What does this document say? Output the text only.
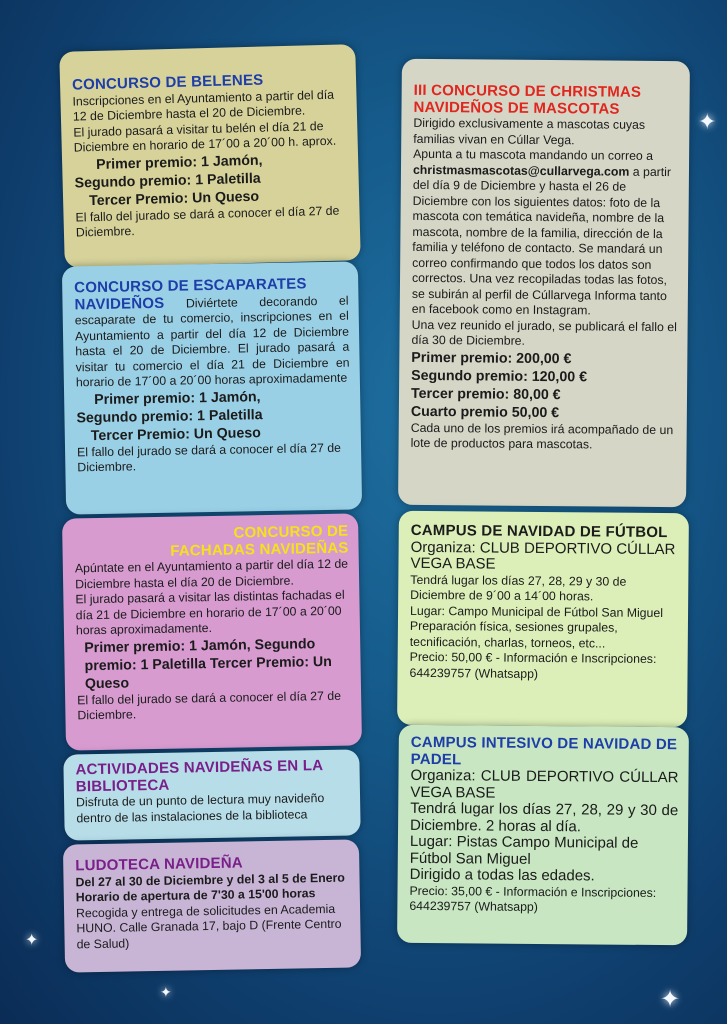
✦
✦
✦
✦

CONCURSO DE BELENES

Inscripciones en el Ayuntamiento a partir del día 12 de Diciembre hasta el 20 de Diciembre.

El jurado pasará a visitar tu belén el día 21 de Diciembre en horario de 17´00 a 20´00 h. aprox.

Primer premio: 1 Jamón,

Segundo premio: 1 Paletilla

Tercer Premio: Un Queso

El fallo del jurado se dará a conocer el día 27 de Diciembre.

CONCURSO DE ESCAPARATES

NAVIDEÑOS Diviértete decorando el escaparate de tu comercio, inscripciones en el Ayuntamiento a partir del día 12 de Diciembre hasta el 20 de Diciembre. El jurado pasará a visitar tu comercio el día 21 de Diciembre en horario de 17´00 a 20´00 horas aproximadamente

Primer premio: 1 Jamón,

Segundo premio: 1 Paletilla

Tercer Premio: Un Queso

El fallo del jurado se dará a conocer el día 27 de Diciembre.

CONCURSO DE

FACHADAS NAVIDEÑAS

Apúntate en el Ayuntamiento a partir del día 12 de Diciembre hasta el día 20 de Diciembre.

El jurado pasará a visitar las distintas fachadas el día 21 de Diciembre en horario de 17´00 a 20´00 horas aproximadamente.

Primer premio: 1 Jamón, Segundo premio: 1 Paletilla Tercer Premio: Un Queso

El fallo del jurado se dará a conocer el día 27 de Diciembre.

ACTIVIDADES NAVIDEÑAS EN LA BIBLIOTECA

Disfruta de un punto de lectura muy navideño dentro de las instalaciones de la biblioteca

LUDOTECA NAVIDEÑA

Del 27 al 30 de Diciembre y del 3 al 5 de Enero

Horario de apertura de 7'30 a 15'00 horas

Recogida y entrega de solicitudes en Academia HUNO. Calle Granada 17, bajo D (Frente Centro de Salud)

III CONCURSO DE CHRISTMAS

NAVIDEÑOS DE MASCOTAS

Dirigido exclusivamente a mascotas cuyas familias vivan en Cúllar Vega.

Apunta a tu mascota mandando un correo a
christmasmascotas@cullarvega.com a partir del día 9 de Diciembre y hasta el 26 de Diciembre con los siguientes datos: foto de la mascota con temática navideña, nombre de la mascota, nombre de la familia, dirección de la familia y teléfono de contacto. Se mandará un correo confirmando que todos los datos son correctos. Una vez recopiladas todas las fotos, se subirán al perfil de Cúllarvega Informa tanto en facebook como en Instagram.

Una vez reunido el jurado, se publicará el fallo el día 30 de Diciembre.

Primer premio: 200,00 €

Segundo premio: 120,00 €

Tercer premio: 80,00 €

Cuarto premio 50,00 €

Cada uno de los premios irá acompañado de un lote de productos para mascotas.

CAMPUS DE NAVIDAD DE FÚTBOL

Organiza: CLUB DEPORTIVO CÚLLAR VEGA BASE

Tendrá lugar los días 27, 28, 29 y 30 de Diciembre de 9´00 a 14´00 horas.

Lugar: Campo Municipal de Fútbol San Miguel

Preparación física, sesiones grupales, tecnificación, charlas, torneos, etc...

Precio: 50,00 € - Información e Inscripciones: 644239757 (Whatsapp)

CAMPUS INTESIVO DE NAVIDAD DE PADEL

Organiza: CLUB DEPORTIVO CÚLLAR VEGA BASE

Tendrá lugar los días 27, 28, 29 y 30 de Diciembre. 2 horas al día.

Lugar: Pistas Campo Municipal de Fútbol San Miguel

Dirigido a todas las edades.

Precio: 35,00 € - Información e Inscripciones: 644239757 (Whatsapp)
